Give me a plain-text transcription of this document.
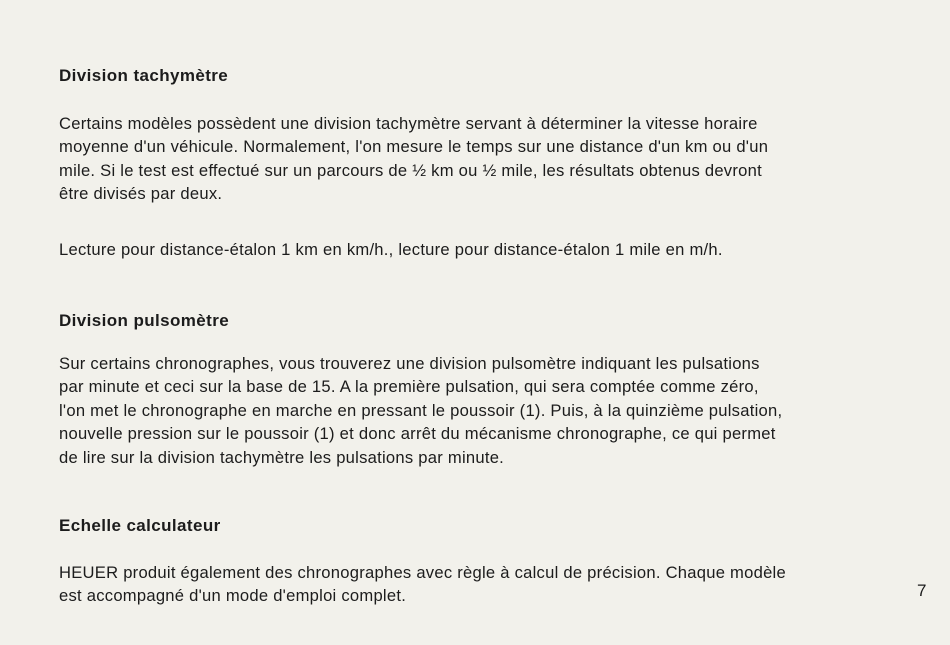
Division tachymètre

Certains modèles possèdent une division tachymètre servant à déterminer la vitesse horaire
moyenne d'un véhicule. Normalement, l'on mesure le temps sur une distance d'un km ou d'un
mile. Si le test est effectué sur un parcours de ½ km ou ½ mile, les résultats obtenus devront
être divisés par deux.

Lecture pour distance-étalon 1 km en km/h., lecture pour distance-étalon 1 mile en m/h.

Division pulsomètre

Sur certains chronographes, vous trouverez une division pulsomètre indiquant les pulsations
par minute et ceci sur la base de 15. A la première pulsation, qui sera comptée comme zéro,
l'on met le chronographe en marche en pressant le poussoir (1). Puis, à la quinzième pulsation,
nouvelle pression sur le poussoir (1) et donc arrêt du mécanisme chronographe, ce qui permet
de lire sur la division tachymètre les pulsations par minute.

Echelle calculateur

HEUER produit également des chronographes avec règle à calcul de précision. Chaque modèle
est accompagné d'un mode d'emploi complet.	7
